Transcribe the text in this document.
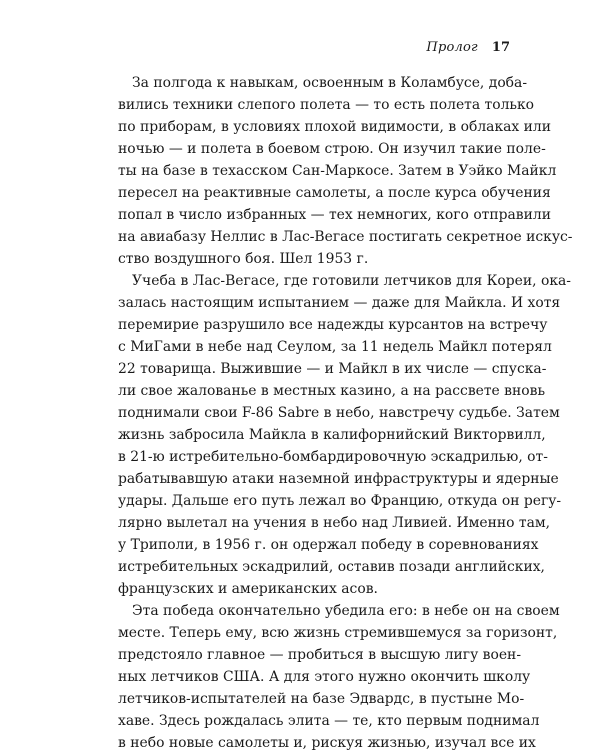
Пролог 17
За полгода к навыкам, освоенным в Коламбусе, доба-
вились техники слепого полета — то есть полета только
по приборам, в условиях плохой видимости, в облаках или
ночью — и полета в боевом строю. Он изучил такие поле-
ты на базе в техасском Сан-Маркосе. Затем в Уэйко Майкл
пересел на реактивные самолеты, а после курса обучения
попал в число избранных — тех немногих, кого отправили
на авиабазу Неллис в Лас-Вегасе постигать секретное искус-
ство воздушного боя. Шел 1953 г.
Учеба в Лас-Вегасе, где готовили летчиков для Кореи, ока-
залась настоящим испытанием — даже для Майкла. И хотя
перемирие разрушило все надежды курсантов на встречу
с МиГами в небе над Сеулом, за 11 недель Майкл потерял
22 товарища. Выжившие — и Майкл в их числе — спуска-
ли свое жалованье в местных казино, а на рассвете вновь
поднимали свои F-86 Sabre в небо, навстречу судьбе. Затем
жизнь забросила Майкла в калифорнийский Викторвилл,
в 21-ю истребительно-бомбардировочную эскадрилью, от-
рабатывавшую атаки наземной инфраструктуры и ядерные
удары. Дальше его путь лежал во Францию, откуда он регу-
лярно вылетал на учения в небо над Ливией. Именно там,
у Триполи, в 1956 г. он одержал победу в соревнованиях
истребительных эскадрилий, оставив позади английских,
французских и американских асов.
Эта победа окончательно убедила его: в небе он на своем
месте. Теперь ему, всю жизнь стремившемуся за горизонт,
предстояло главное — пробиться в высшую лигу воен-
ных летчиков США. А для этого нужно окончить школу
летчиков-испытателей на базе Эдвардс, в пустыне Мо-
хаве. Здесь рождалась элита — те, кто первым поднимал
в небо новые самолеты и, рискуя жизнью, изучал все их
